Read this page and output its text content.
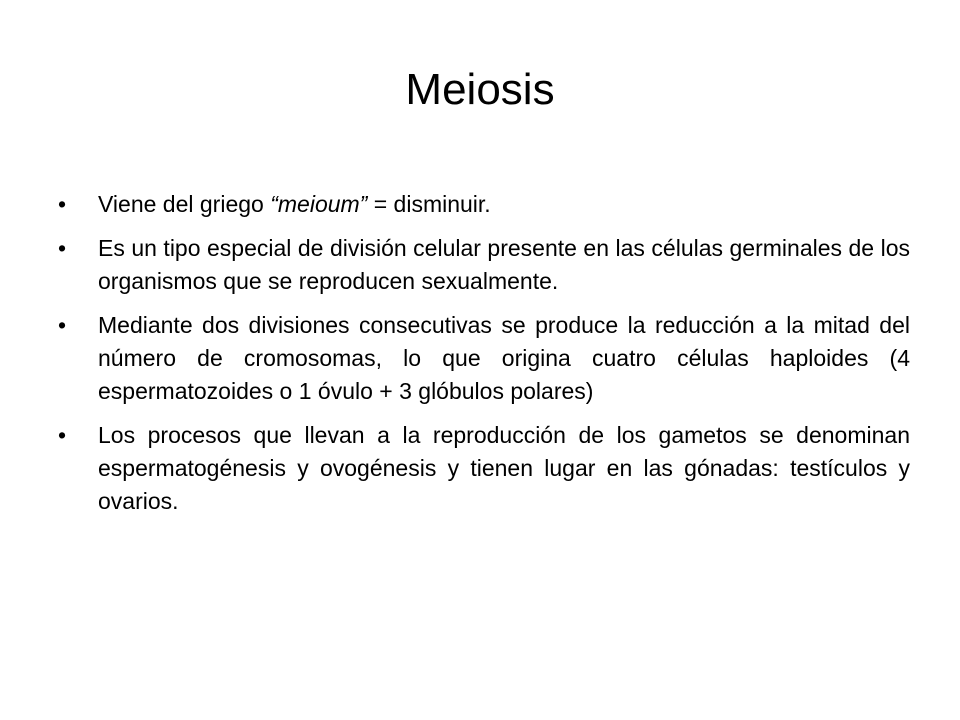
Meiosis
•	Viene del griego “meioum” = disminuir.
•	Es un tipo especial de división celular presente en las células germinales de los organismos que se reproducen sexualmente.
•	Mediante dos divisiones consecutivas se produce la reducción a la mitad del número de cromosomas, lo que origina cuatro células haploides (4 espermatozoides o 1 óvulo + 3 glóbulos polares)
•	Los procesos que llevan a la reproducción de los gametos se denominan espermatogénesis y ovogénesis y tienen lugar en las gónadas: testículos y ovarios.
